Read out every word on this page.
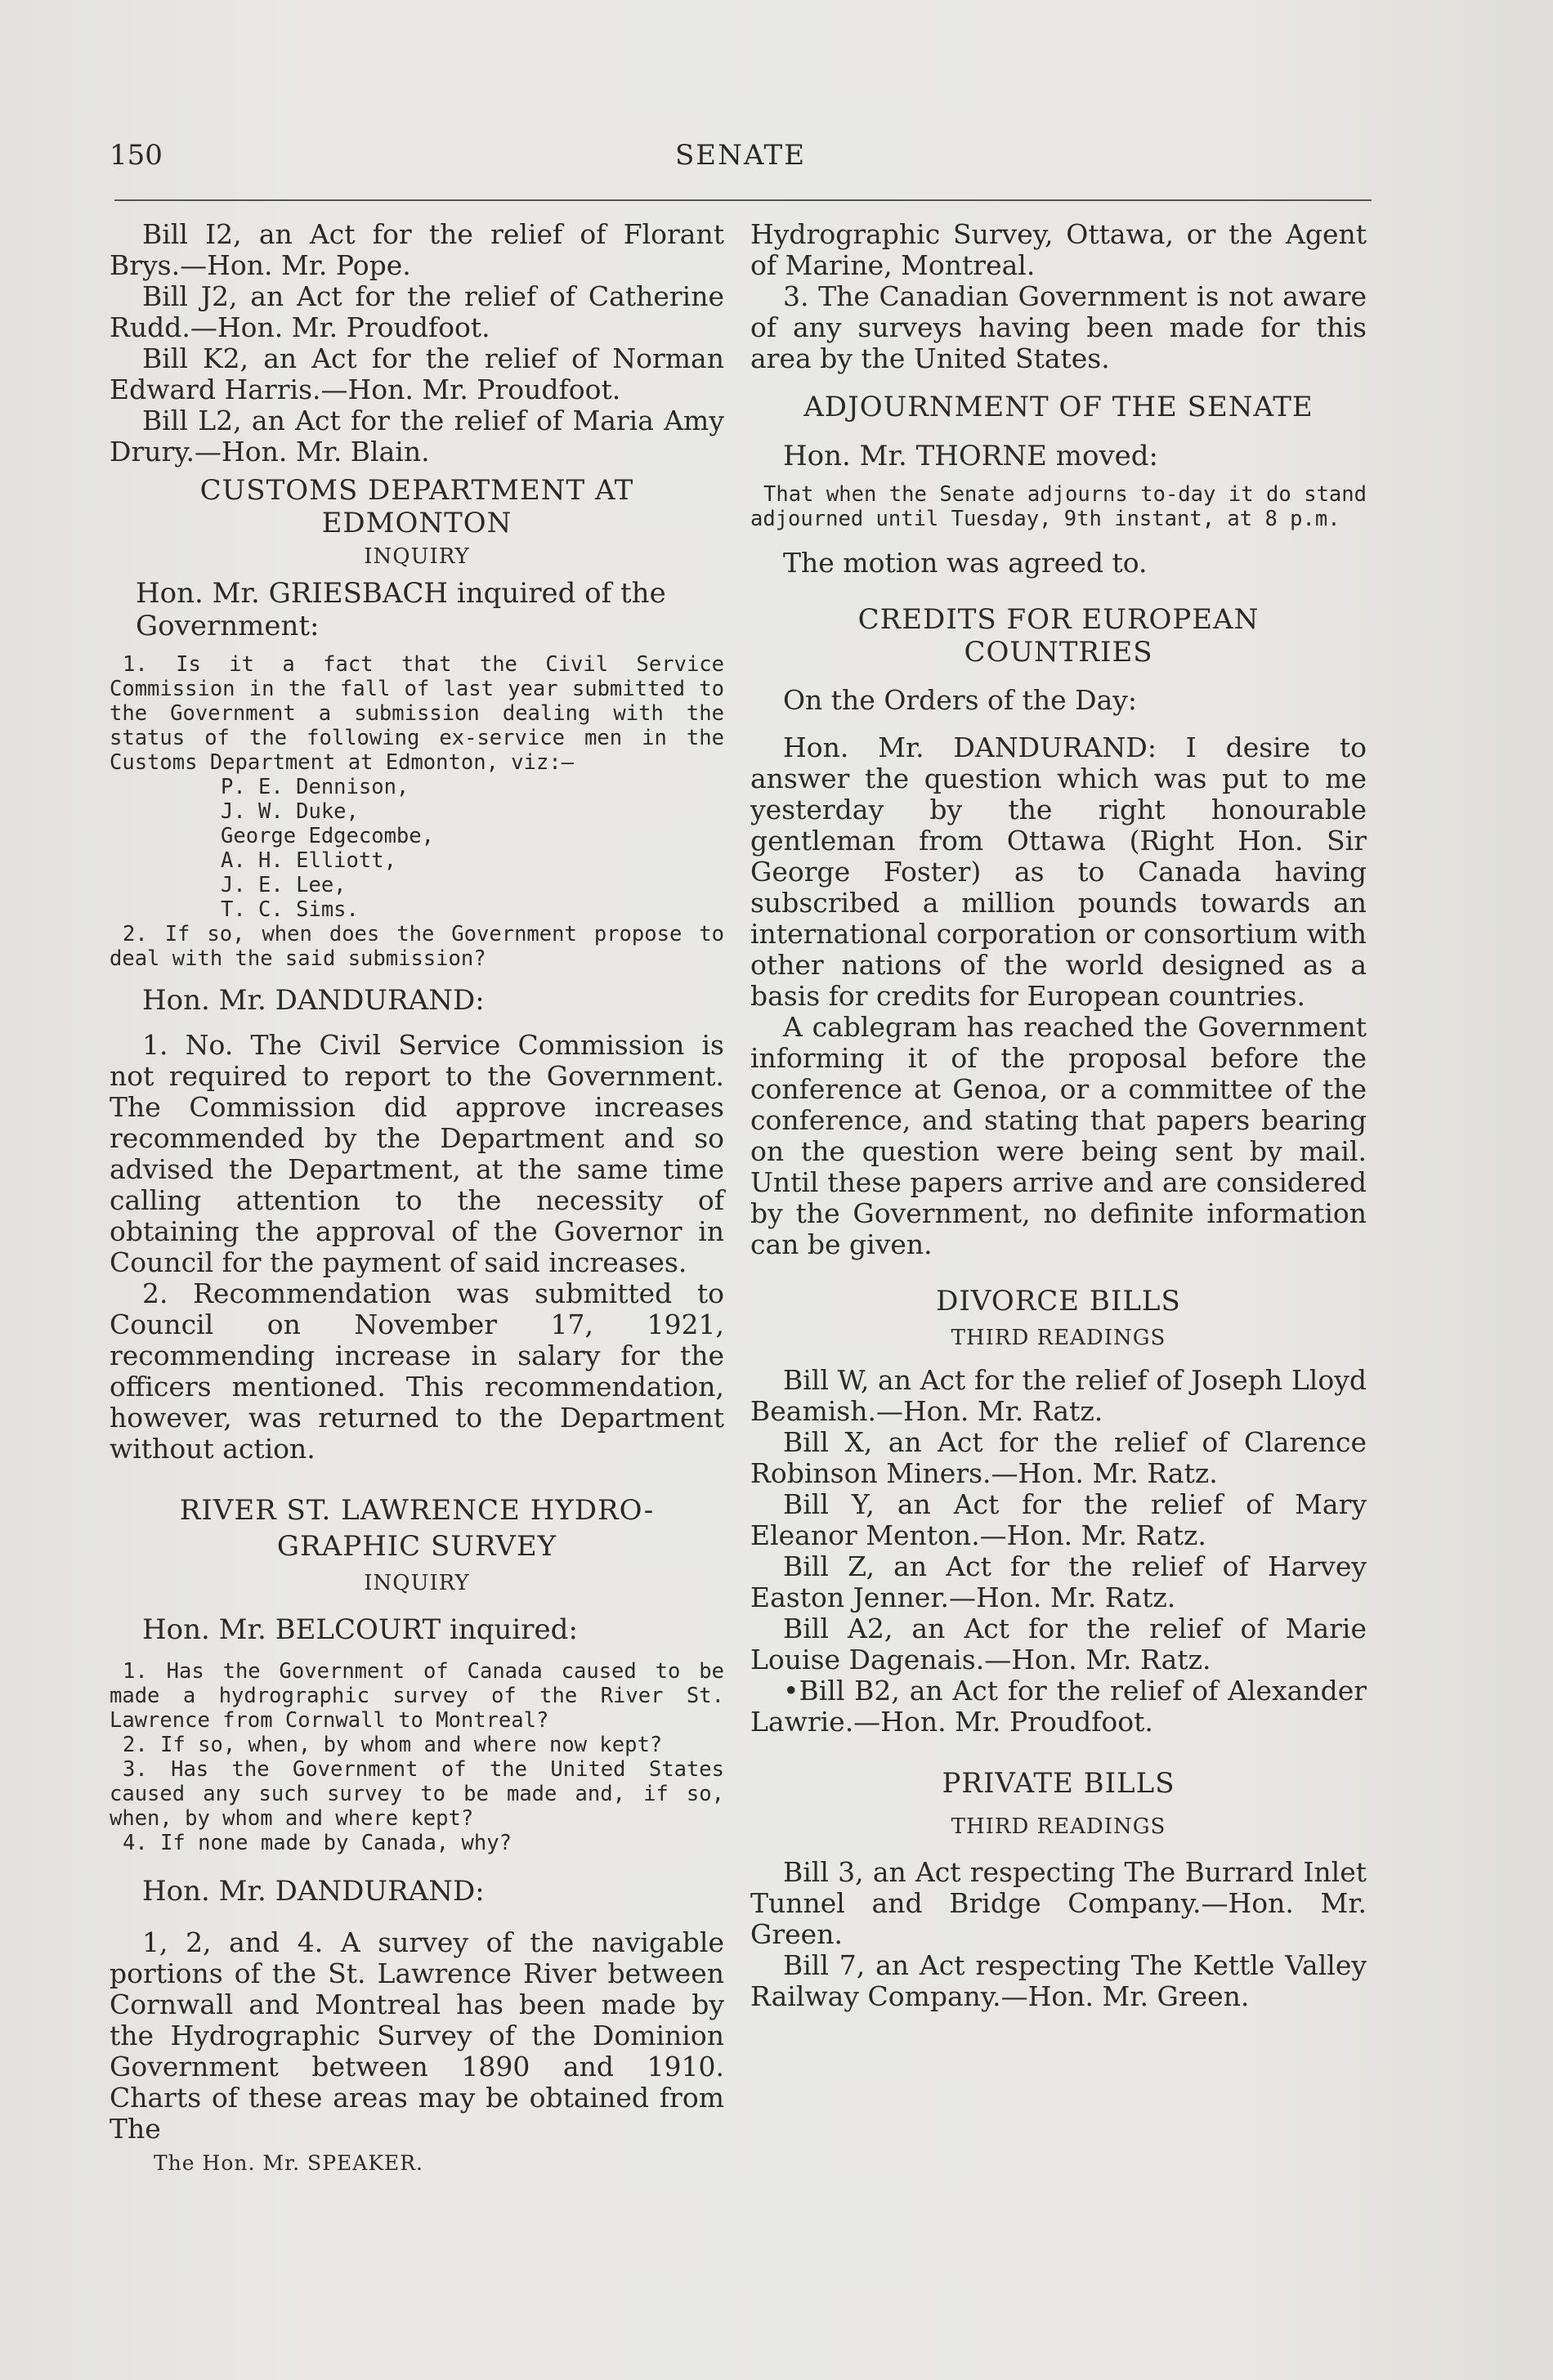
150	SENATE

Bill I2, an Act for the relief of Florant Brys.—Hon. Mr. Pope.

Bill J2, an Act for the relief of Catherine Rudd.—Hon. Mr. Proudfoot.

Bill K2, an Act for the relief of Norman Edward Harris.—Hon. Mr. Proudfoot.

Bill L2, an Act for the relief of Maria Amy Drury.—Hon. Mr. Blain.

CUSTOMS DEPARTMENT AT EDMONTON

INQUIRY

Hon. Mr. GRIESBACH inquired of the Government:

1. Is it a fact that the Civil Service Commission in the fall of last year submitted to the Government a submission dealing with the status of the following ex-service men in the Customs Department at Edmonton, viz:—

P. E. Dennison,
J. W. Duke,
George Edgecombe,
A. H. Elliott,
J. E. Lee,
T. C. Sims.

2. If so, when does the Government propose to deal with the said submission?

Hon. Mr. DANDURAND:

1. No. The Civil Service Commission is not required to report to the Government. The Commission did approve increases recommended by the Department and so advised the Department, at the same time calling attention to the necessity of obtaining the approval of the Governor in Council for the payment of said increases.

2. Recommendation was submitted to Council on November 17, 1921, recommending increase in salary for the officers mentioned. This recommendation, however, was returned to the Department without action.

RIVER ST. LAWRENCE HYDRO-

GRAPHIC SURVEY

INQUIRY

Hon. Mr. BELCOURT inquired:

1. Has the Government of Canada caused to be made a hydrographic survey of the River St. Lawrence from Cornwall to Montreal?

2. If so, when, by whom and where now kept?

3. Has the Government of the United States caused any such survey to be made and, if so, when, by whom and where kept?

4. If none made by Canada, why?

Hon. Mr. DANDURAND:

1, 2, and 4. A survey of the navigable portions of the St. Lawrence River between Cornwall and Montreal has been made by the Hydrographic Survey of the Dominion Government between 1890 and 1910. Charts of these areas may be obtained from The

The Hon. Mr. SPEAKER.

Hydrographic Survey, Ottawa, or the Agent of Marine, Montreal.

3. The Canadian Government is not aware of any surveys having been made for this area by the United States.

ADJOURNMENT OF THE SENATE

Hon. Mr. THORNE moved:

That when the Senate adjourns to-day it do stand adjourned until Tuesday, 9th instant, at 8 p.m.

The motion was agreed to.

CREDITS FOR EUROPEAN

COUNTRIES

On the Orders of the Day:

Hon. Mr. DANDURAND: I desire to answer the question which was put to me yesterday by the right honourable gentleman from Ottawa (Right Hon. Sir George Foster) as to Canada having subscribed a million pounds towards an international corporation or consortium with other nations of the world designed as a basis for credits for European countries.

A cablegram has reached the Government informing it of the proposal before the conference at Genoa, or a committee of the conference, and stating that papers bearing on the question were being sent by mail. Until these papers arrive and are considered by the Government, no definite information can be given.

DIVORCE BILLS

THIRD READINGS

Bill W, an Act for the relief of Joseph Lloyd Beamish.—Hon. Mr. Ratz.

Bill X, an Act for the relief of Clarence Robinson Miners.—Hon. Mr. Ratz.

Bill Y, an Act for the relief of Mary Eleanor Menton.—Hon. Mr. Ratz.

Bill Z, an Act for the relief of Harvey Easton Jenner.—Hon. Mr. Ratz.

Bill A2, an Act for the relief of Marie Louise Dagenais.—Hon. Mr. Ratz.

•Bill B2, an Act for the relief of Alexander Lawrie.—Hon. Mr. Proudfoot.

PRIVATE BILLS

THIRD READINGS

Bill 3, an Act respecting The Burrard Inlet Tunnel and Bridge Company.—Hon. Mr. Green.

Bill 7, an Act respecting The Kettle Valley Railway Company.—Hon. Mr. Green.
